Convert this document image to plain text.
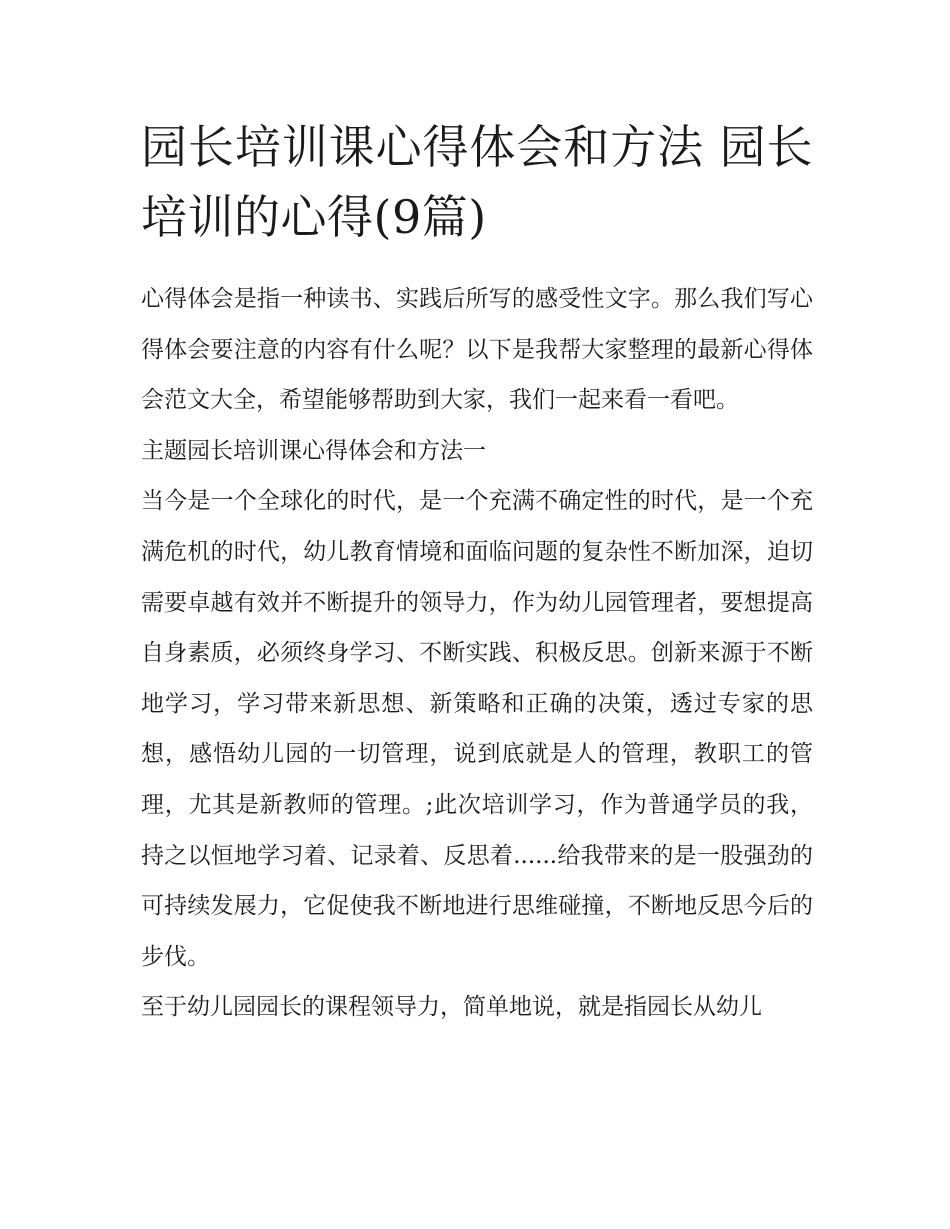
园长培训课心得体会和方法 园长培训的心得(9篇)

心得体会是指一种读书、实践后所写的感受性文字。那么我们写心得体会要注意的内容有什么呢？以下是我帮大家整理的最新心得体会范文大全，希望能够帮助到大家，我们一起来看一看吧。

主题园长培训课心得体会和方法一

当今是一个全球化的时代，是一个充满不确定性的时代，是一个充满危机的时代，幼儿教育情境和面临问题的复杂性不断加深，迫切需要卓越有效并不断提升的领导力，作为幼儿园管理者，要想提高自身素质，必须终身学习、不断实践、积极反思。创新来源于不断地学习，学习带来新思想、新策略和正确的决策，透过专家的思想，感悟幼儿园的一切管理，说到底就是人的管理，教职工的管理，尤其是新教师的管理。;此次培训学习，作为普通学员的我，持之以恒地学习着、记录着、反思着......给我带来的是一股强劲的可持续发展力，它促使我不断地进行思维碰撞，不断地反思今后的步伐。

至于幼儿园园长的课程领导力，简单地说，就是指园长从幼儿
